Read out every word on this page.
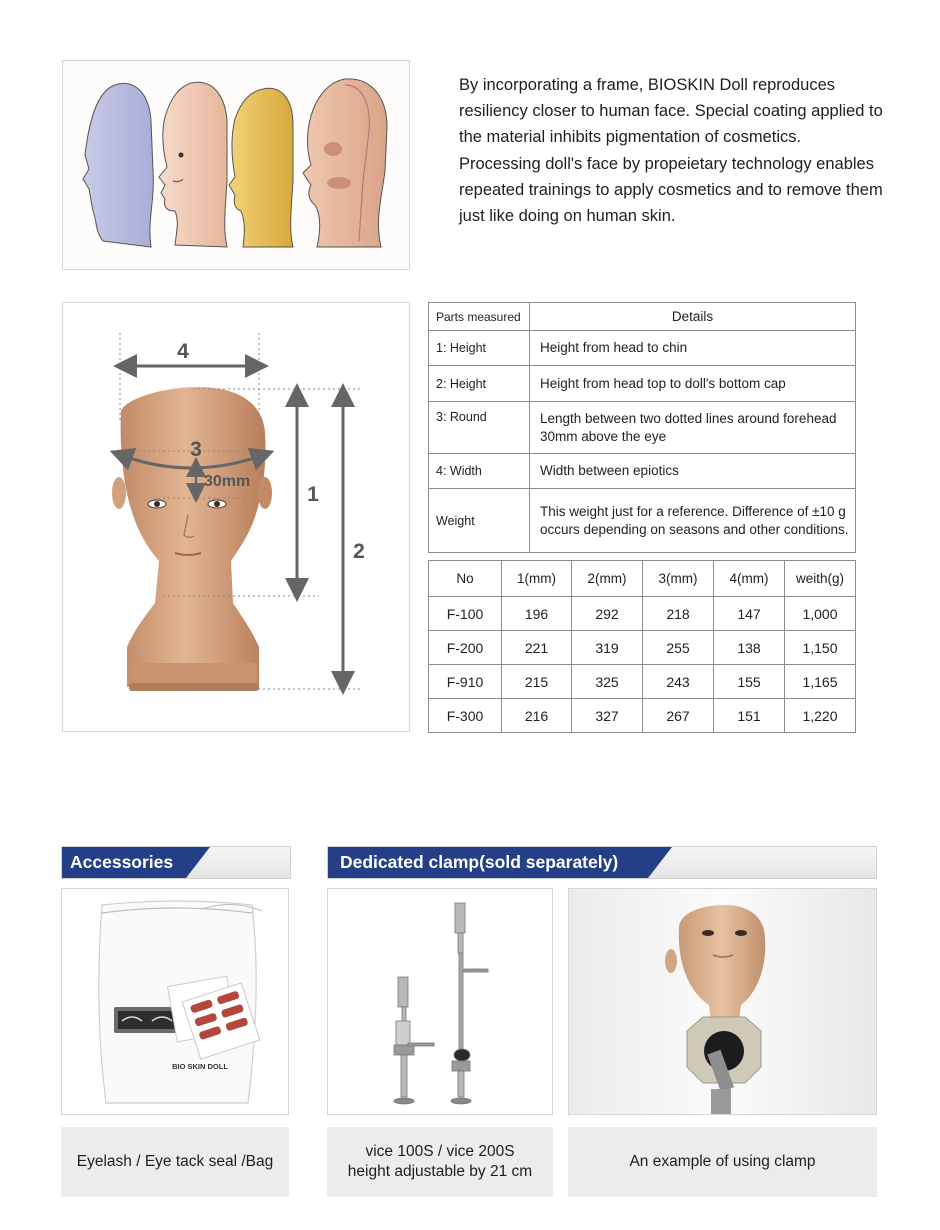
By incorporating a frame, BIOSKIN Doll reproduces resiliency closer to human face. Special coating applied to the material inhibits pigmentation of cosmetics. Processing doll's face by propeietary technology enables repeated trainings to apply cosmetics and to remove them just like doing on human skin.
4
3
30mm
1
2
Parts measured	Details
1: Height	Height from head to chin
2: Height	Height from head top to doll's bottom cap
3: Round	Length between two dotted lines around forehead 30mm above the eye
4: Width	Width between epiotics
Weight	This weight just for a reference. Difference of ±10 g occurs depending on seasons and other conditions.
No	1(mm)	2(mm)	3(mm)	4(mm)	weith(g)
F-100	196	292	218	147	1,000
F-200	221	319	255	138	1,150
F-910	215	325	243	155	1,165
F-300	216	327	267	151	1,220
Accessories	Dedicated clamp(sold separately)
BIO SKIN DOLL
Eyelash / Eye tack seal /Bag
vice 100S / vice 200S
height adjustable by 21 cm
An example of using clamp
